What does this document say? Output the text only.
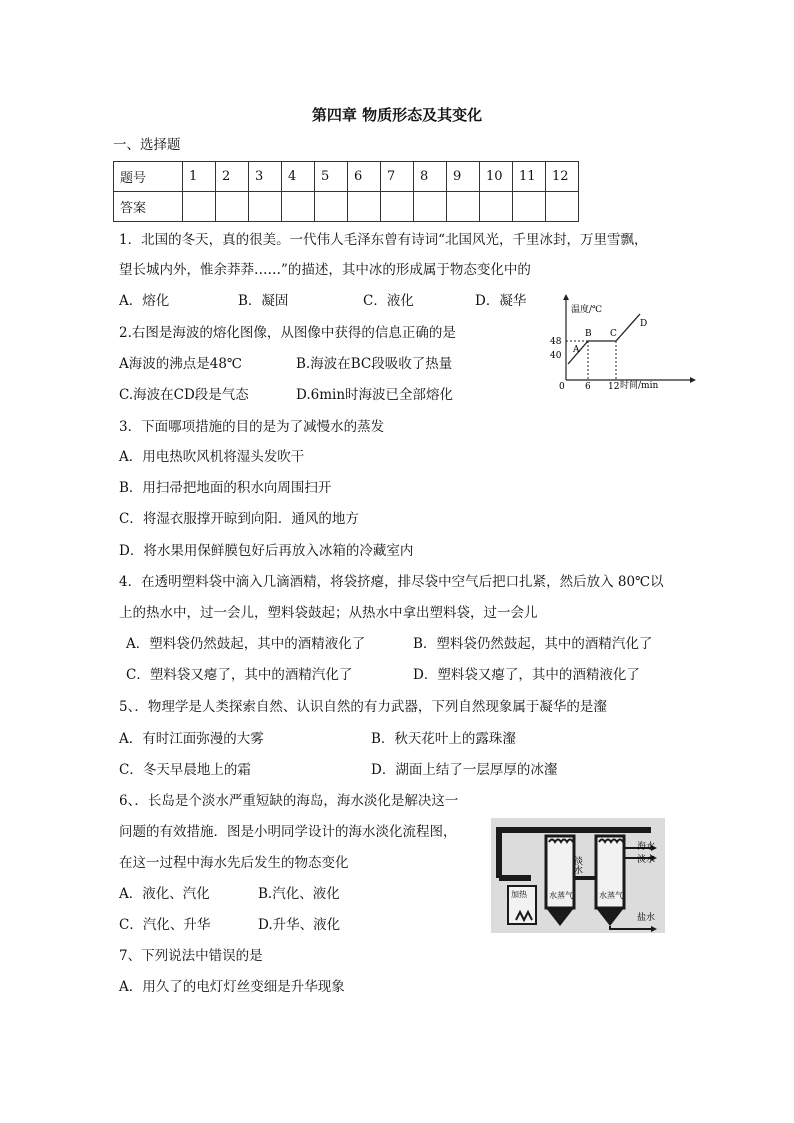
第四章 物质形态及其变化
一、选择题
题号	1	2	3	4	5	6	7	8	9	10	11	12
答案												
1．北国的冬天，真的很美。一代伟人毛泽东曾有诗词“北国风光，千里冰封，万里雪飘，
望长城内外，惟余莽莽……”的描述，其中冰的形成属于物态变化中的
A．熔化	B．凝固	C．液化	D．凝华
2.右图是海波的熔化图像，从图像中获得的信息正确的是
A海波的沸点是48℃	B.海波在BC段吸收了热量
C.海波在CD段是气态	D.6min时海波已全部熔化
温度/℃
时间/min
48
40
0 6 12
A
B C
D
3．下面哪项措施的目的是为了减慢水的蒸发
A．用电热吹风机将湿头发吹干
B．用扫帚把地面的积水向周围扫开
C．将湿衣服撑开晾到向阳．通风的地方
D．将水果用保鲜膜包好后再放入冰箱的冷藏室内
4．在透明塑料袋中滴入几滴酒精，将袋挤瘪，排尽袋中空气后把口扎紧，然后放入 80℃以
上的热水中，过一会儿，塑料袋鼓起；从热水中拿出塑料袋，过一会儿
A．塑料袋仍然鼓起，其中的酒精液化了	B．塑料袋仍然鼓起，其中的酒精汽化了
C．塑料袋又瘪了，其中的酒精汽化了	D．塑料袋又瘪了，其中的酒精液化了
5、．物理学是人类探索自然、认识自然的有力武器，下列自然现象属于凝华的是瀣
A．有时江面弥漫的大雾	B．秋天花叶上的露珠瀣
C．冬天早晨地上的霜	D．湖面上结了一层厚厚的冰瀣
6、．长岛是个淡水严重短缺的海岛，海水淡化是解决这一
问题的有效措施．图是小明同学设计的海水淡化流程图，
在这一过程中海水先后发生的物态变化
A．液化、汽化	B.汽化、液化
C．汽化、升华	D.升华、液化
海水
淡水
淡水
水蒸气	水蒸气
盐水
加热
7、下列说法中错误的是
A．用久了的电灯灯丝变细是升华现象
